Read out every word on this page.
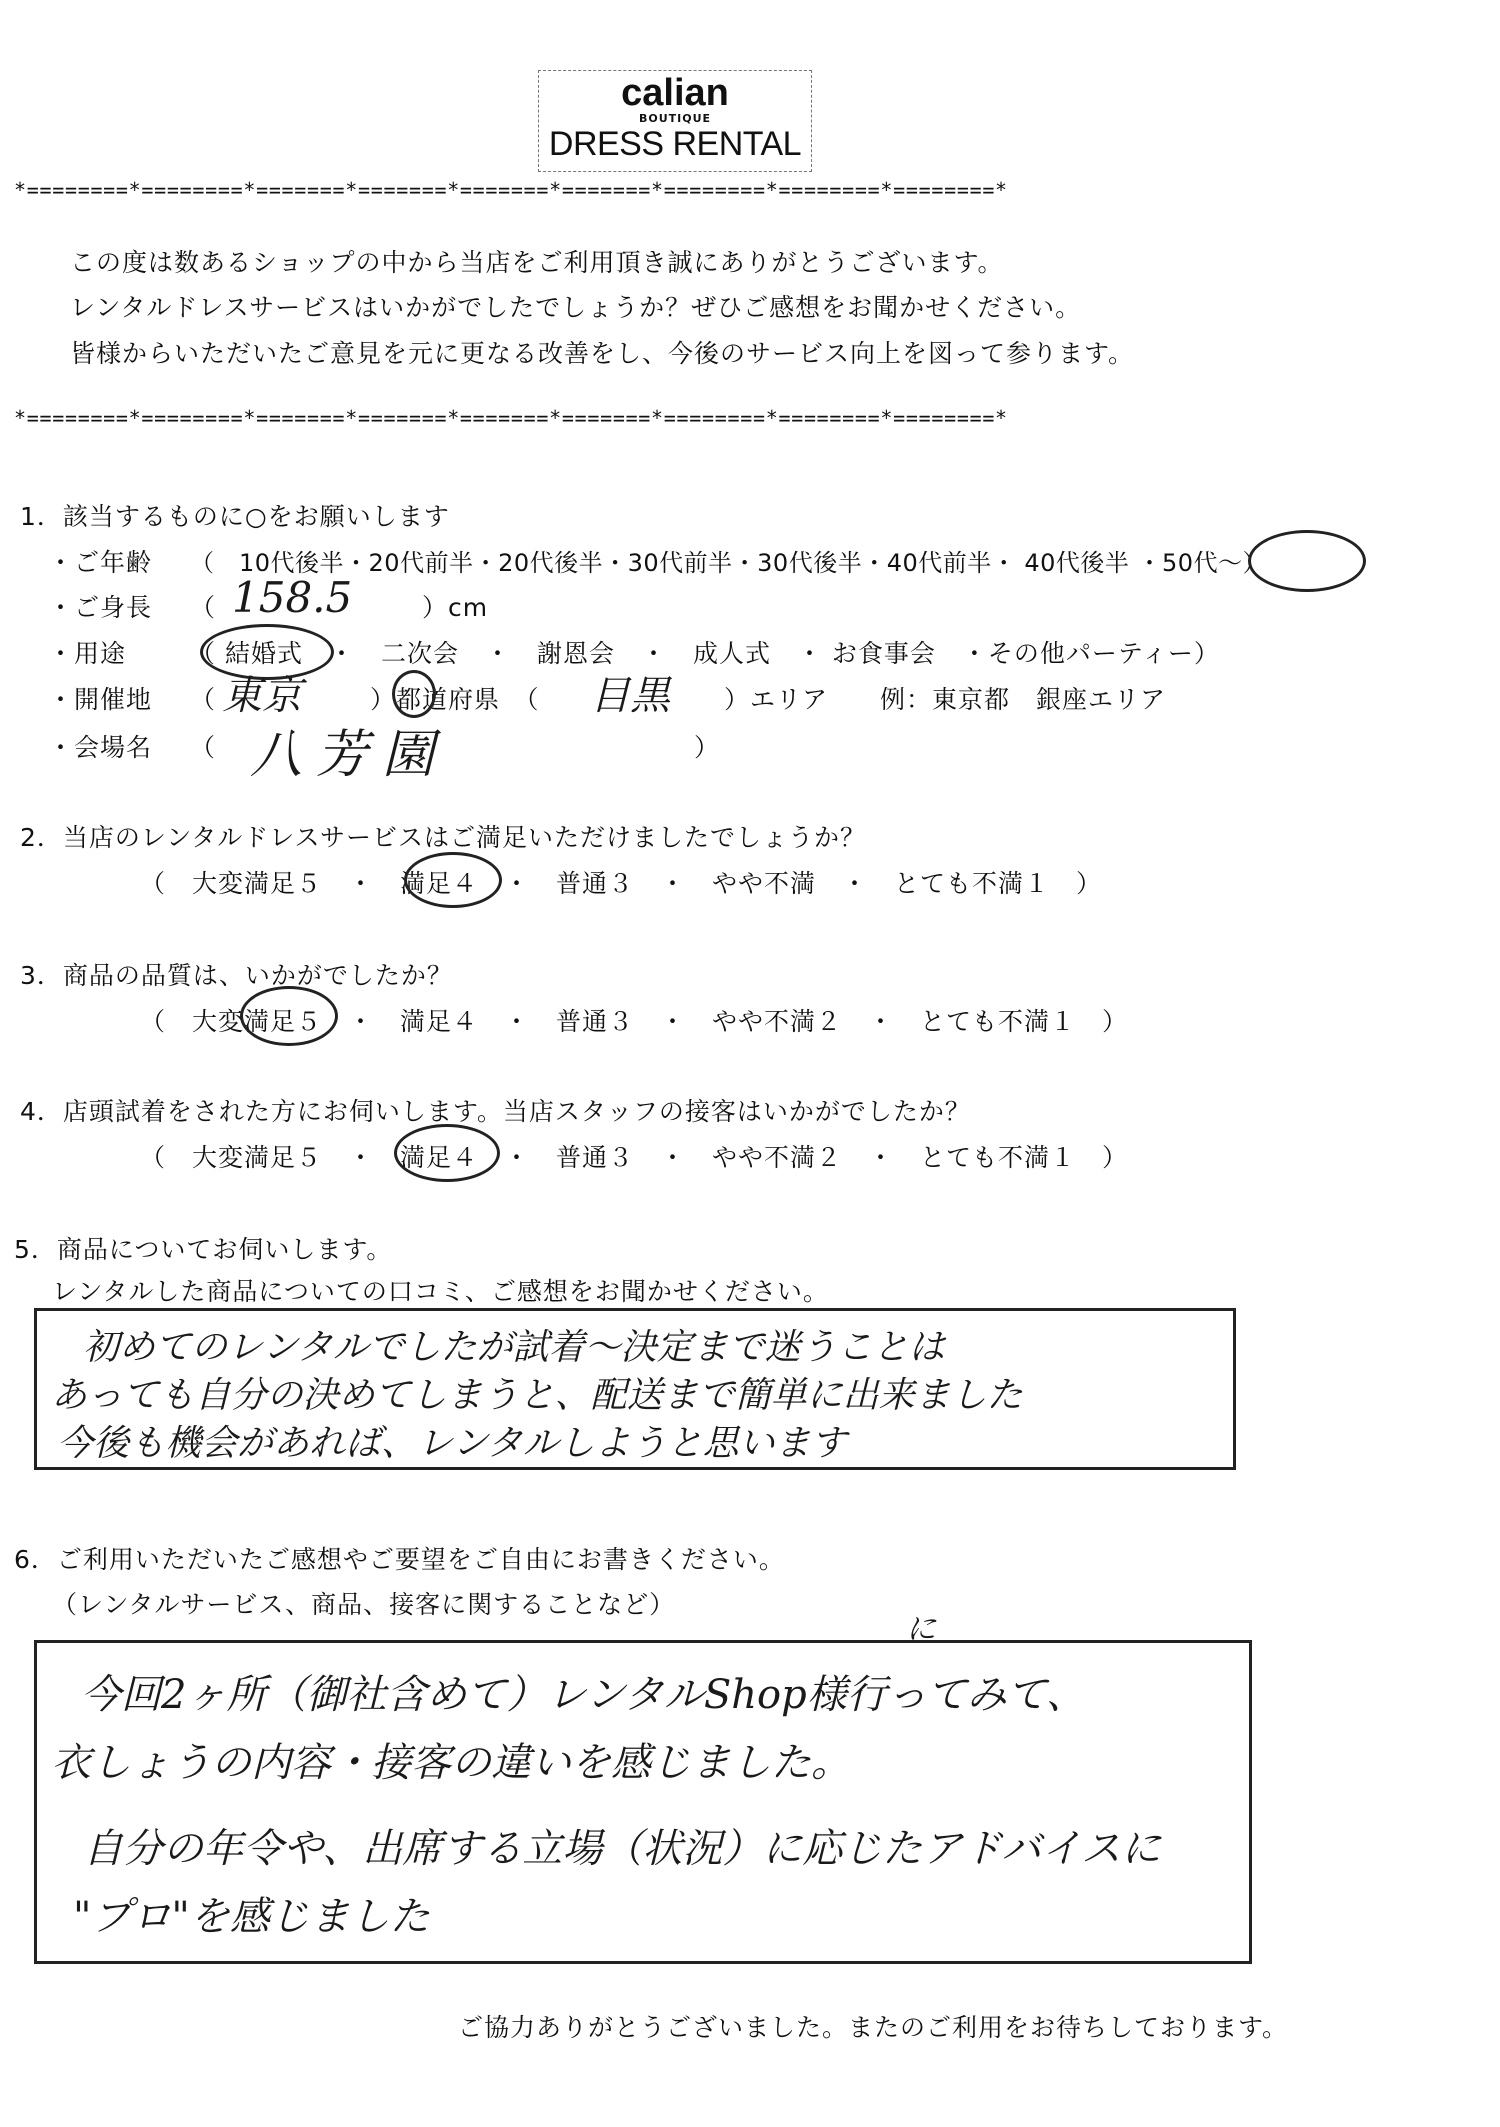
calian
BOUTIQUE
DRESS RENTAL
*========*========*=======*=======*=======*=======*========*========*========*
*========*========*=======*=======*=======*=======*========*========*========*
この度は数あるショップの中から当店をご利用頂き誠にありがとうございます。
レンタルドレスサービスはいかがでしたでしょうか？ぜひご感想をお聞かせください。
皆様からいただいたご意見を元に更なる改善をし、今後のサービス向上を図って参ります。
1．該当するものに○をお願いします
・ご年齢 （　10代後半・20代前半・20代後半・30代前半・30代後半・40代前半・ 40代後半 ・50代～）
・ご身長 （ 158.5	）cm
・用途	（ 結婚式　・　二次会　・　謝恩会　・　成人式　・ お食事会　・その他パーティー）
・開催地 （ 東京	）都道府県　（ 目黒 ）エリア　　例：東京都　銀座エリア
・会場名 （ 八芳園	）
2．当店のレンタルドレスサービスはご満足いただけましたでしょうか？
（　大変満足５　・　満足４　・　普通３　・　やや不満　・　とても不満１　）
3．商品の品質は、いかがでしたか？
（　大変満足５　・　満足４　・　普通３　・　やや不満２　・　とても不満１　）
4．店頭試着をされた方にお伺いします。当店スタッフの接客はいかがでしたか？
（　大変満足５　・　満足４　・　普通３　・　やや不満２　・　とても不満１　）
5．商品についてお伺いします。
レンタルした商品についての口コミ、ご感想をお聞かせください。
初めてのレンタルでしたが試着～決定まで迷うことは
あっても自分の決めてしまうと、配送まで簡単に出来ました
今後も機会があれば、レンタルしようと思います
6．ご利用いただいたご感想やご要望をご自由にお書きください。
（レンタルサービス、商品、接客に関することなど）
に
今回2ヶ所（御社含めて）レンタルShop様行ってみて、
衣しょうの内容・接客の違いを感じました。
自分の年令や、出席する立場（状況）に応じたアドバイスに
"プロ"を感じました
ご協力ありがとうございました。またのご利用をお待ちしております。
